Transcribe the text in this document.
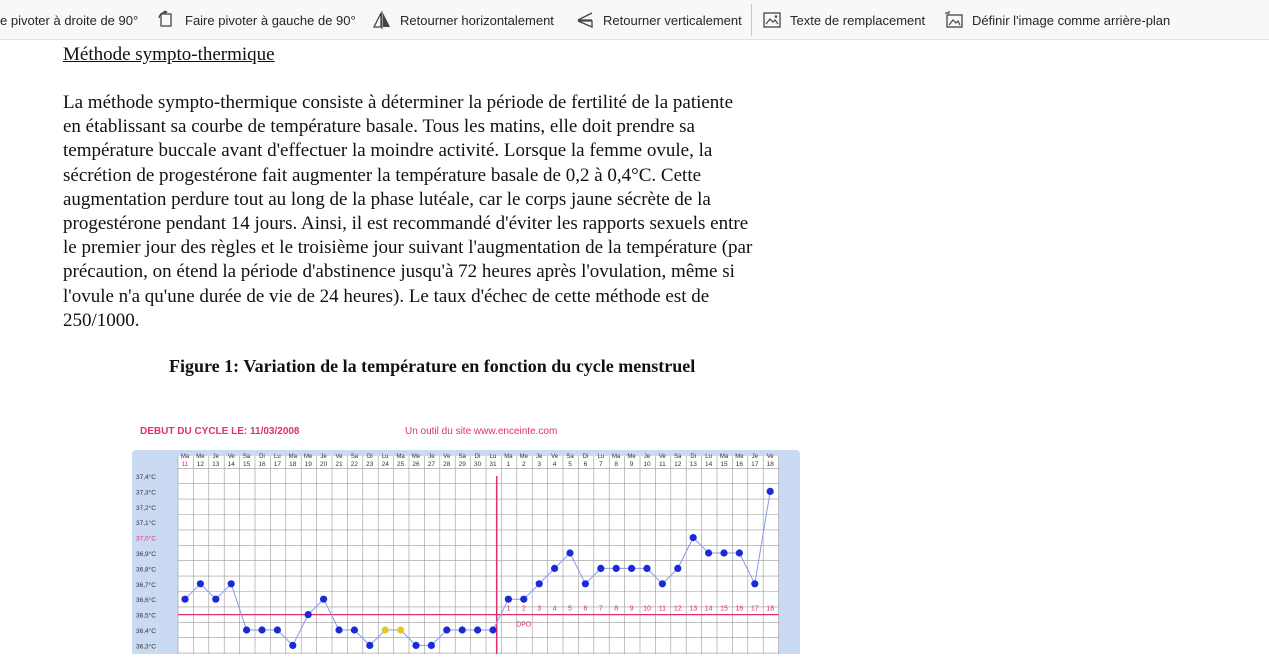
e pivoter à droite de 90°	Faire pivoter à gauche de 90°	Retourner horizontalement	Retourner verticalement	Texte de remplacement	Définir l'image comme arrière-plan
Méthode sympto-thermique
La méthode sympto-thermique consiste à déterminer la période de fertilité de la patiente
en établissant sa courbe de température basale. Tous les matins, elle doit prendre sa
température buccale avant d'effectuer la moindre activité. Lorsque la femme ovule, la
sécrétion de progestérone fait augmenter la température basale de 0,2 à 0,4°C. Cette
augmentation perdure tout au long de la phase lutéale, car le corps jaune sécrète de la
progestérone pendant 14 jours. Ainsi, il est recommandé d'éviter les rapports sexuels entre
le premier jour des règles et le troisième jour suivant l'augmentation de la température (par
précaution, on étend la période d'abstinence jusqu'à 72 heures après l'ovulation, même si
l'ovule n'a qu'une durée de vie de 24 heures). Le taux d'échec de cette méthode est de
250/1000.
Figure 1: Variation de la température en fonction du cycle menstruel
DEBUT DU CYCLE LE: 11/03/2008	Un outil du site www.enceinte.com
Ma Me Je Ve Sa Di Lu Ma Me Je Ve Sa Di Lu Ma Me Je Ve Sa Di Lu Ma Me Je Ve Sa Di Lu Ma Me Je Ve Sa Di Lu Ma Me Je Ve
11 12 13 14 15 16 17 18 19 20 21 22 23 24 25 26 27 28 29 30 31 1 2 3 4 5 6 7 8 9 10 11 12 13 14 15 16 17 18
37,4°C
37,3°C
37,2°C
37,1°C
37,0°C
36,9°C
36,8°C
36,7°C
36,6°C
36,5°C
36,4°C
36,3°C
1 2 3 4 5 6 7 8 9 10 11 12 13 14 15 16 17 18
DPO
